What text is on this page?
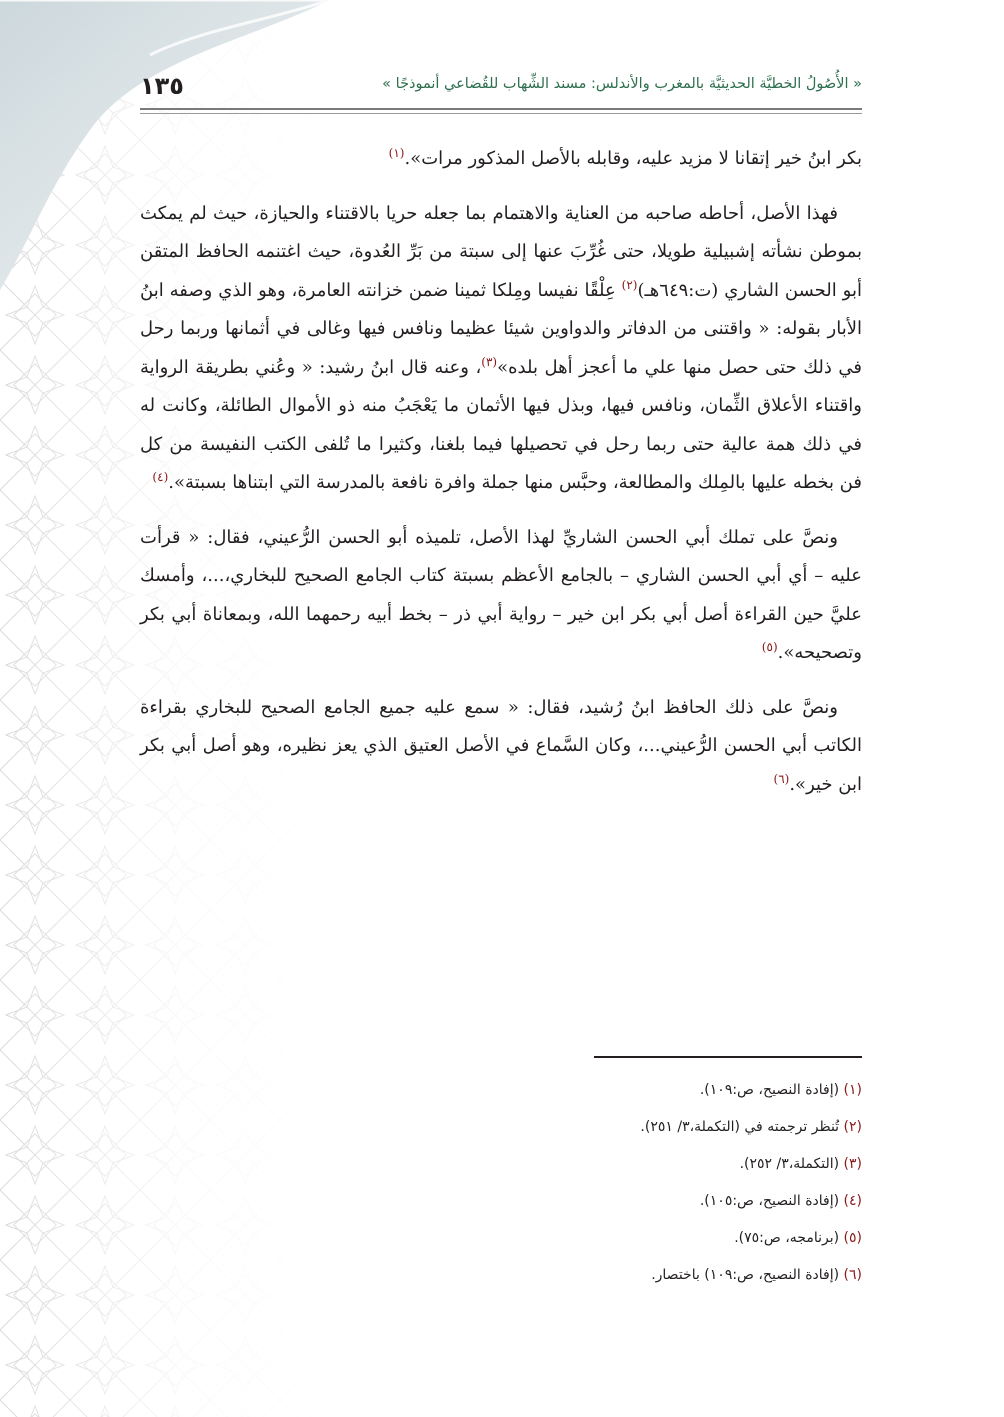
١٣٥	« الأُصُولُ الخطيَّة الحديثيَّة بالمغرب والأندلس: مسند الشِّهاب للقُضاعي أنموذجًا »

بكر ابنُ خير إتقانا لا مزيد عليه، وقابله بالأصل المذكور مرات».$^{(١)}$

فهذا الأصل، أحاطه صاحبه من العناية والاهتمام بما جعله حريا بالاقتناء والحيازة، حيث لم يمكث بموطن نشأته إشبيلية طويلا، حتى غُرِّبَ عنها إلى سبتة من بَرِّ العُدوة، حيث اغتنمه الحافظ المتقن أبو الحسن الشاري (ت:٦٤٩هـ)$^{(٢)}$ عِلْقًا نفيسا ومِلكا ثمينا ضمن خزانته العامرة، وهو الذي وصفه ابنُ الأبار بقوله: « واقتنى من الدفاتر والدواوين شيئا عظيما ونافس فيها وغالى في أثمانها وربما رحل في ذلك حتى حصل منها علي ما أعجز أهل بلده»$^{(٣)}$، وعنه قال ابنُ رشيد: « وعُني بطريقة الرواية واقتناء الأعلاق الثِّمان، ونافس فيها، وبذل فيها الأثمان ما يَعْجَبُ منه ذو الأموال الطائلة، وكانت له في ذلك همة عالية حتى ربما رحل في تحصيلها فيما بلغنا، وكثيرا ما تُلفى الكتب النفيسة من كل فن بخطه عليها بالمِلك والمطالعة، وحبَّس منها جملة وافرة نافعة بالمدرسة التي ابتناها بسبتة».$^{(٤)}$

ونصَّ على تملك أبي الحسن الشاريِّ لهذا الأصل، تلميذه أبو الحسن الرُّعيني، فقال: « قرأت عليه – أي أبي الحسن الشاري – بالجامع الأعظم بسبتة كتاب الجامع الصحيح للبخاري،...، وأمسك عليَّ حين القراءة أصل أبي بكر ابن خير – رواية أبي ذر – بخط أبيه رحمهما الله، وبمعاناة أبي بكر وتصحيحه».$^{(٥)}$

ونصَّ على ذلك الحافظ ابنُ رُشيد، فقال: « سمع عليه جميع الجامع الصحيح للبخاري بقراءة الكاتب أبي الحسن الرُّعيني...، وكان السَّماع في الأصل العتيق الذي يعز نظيره، وهو أصل أبي بكر ابن خير».$^{(٦)}$

(١) (إفادة النصيح، ص:١٠٩).
(٢) تُنظر ترجمته في (التكملة،٣/ ٢٥١).
(٣) (التكملة،٣/ ٢٥٢).
(٤) (إفادة النصيح، ص:١٠٥).
(٥) (برنامجه، ص:٧٥).
(٦) (إفادة النصيح، ص:١٠٩) باختصار.
